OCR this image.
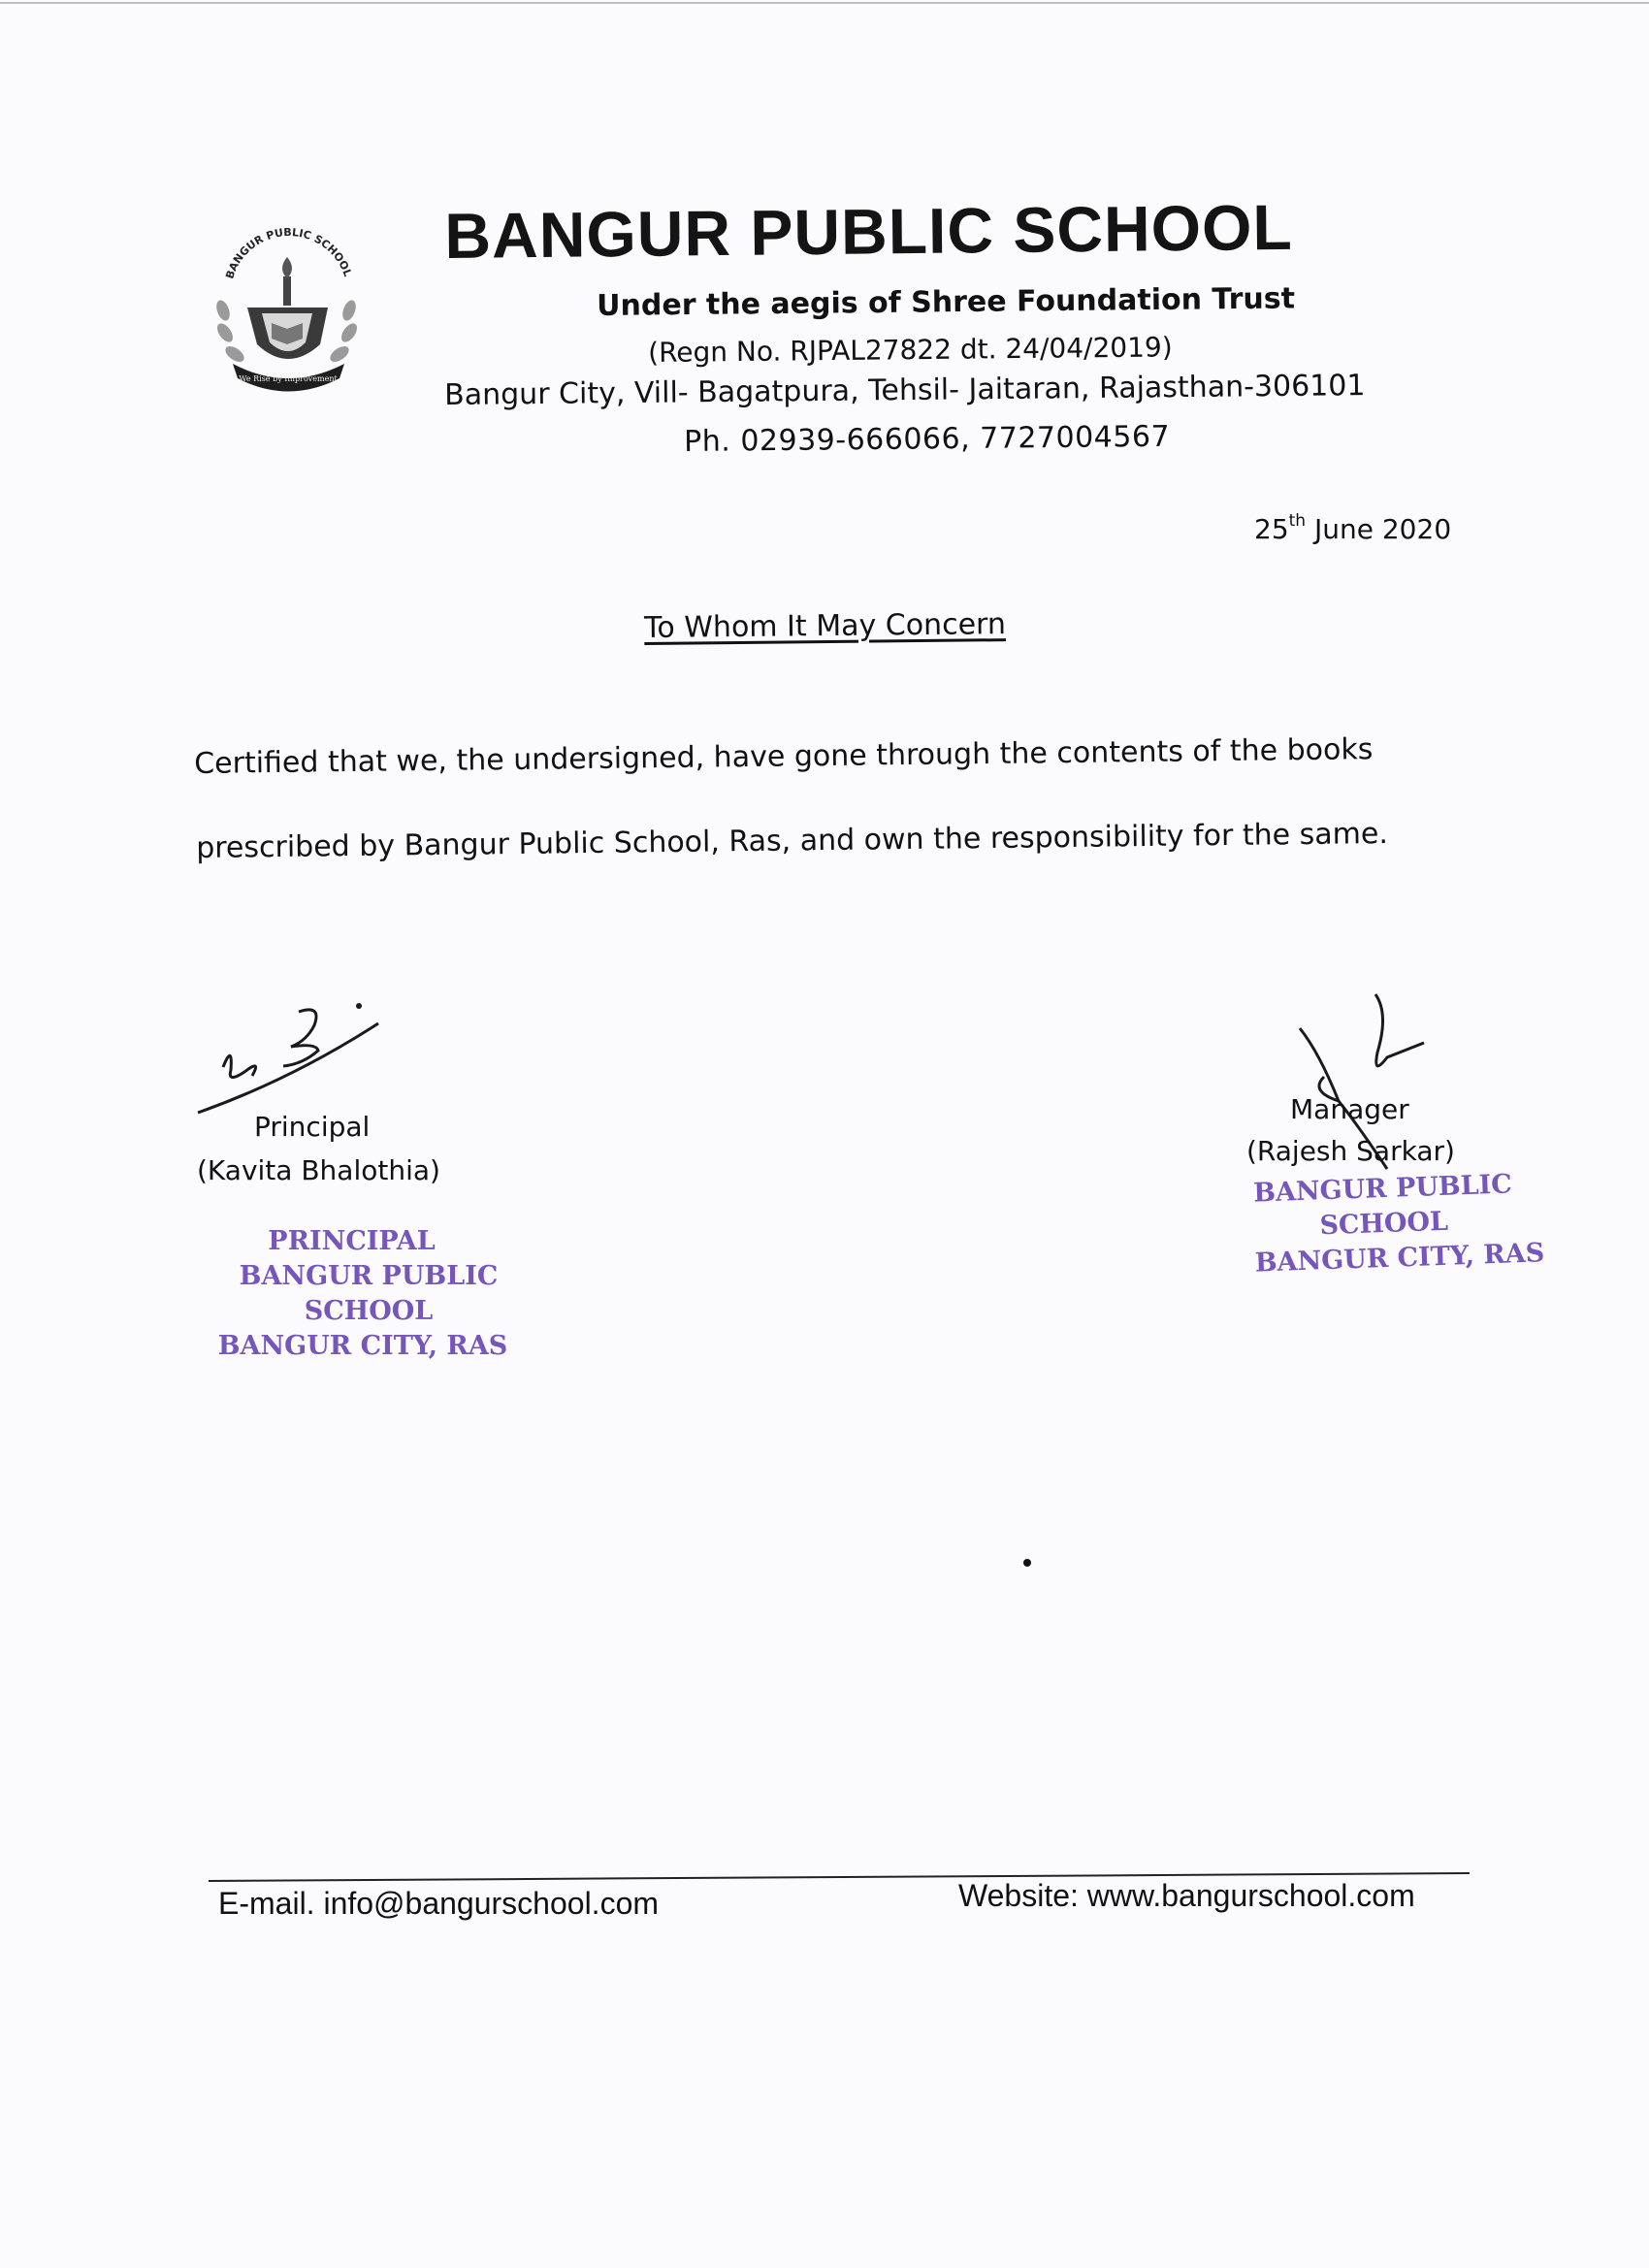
BANGUR PUBLIC SCHOOL
We Rise by Improvement
BANGUR PUBLIC SCHOOL
Under the aegis of Shree Foundation Trust
(Regn No. RJPAL27822 dt. 24/04/2019)
Bangur City, Vill- Bagatpura, Tehsil- Jaitaran, Rajasthan-306101
Ph. 02939-666066, 7727004567
25th June 2020
To Whom It May Concern
Certified that we, the undersigned, have gone through the contents of the books
prescribed by Bangur Public School, Ras, and own the responsibility for the same.
Principal
(Kavita Bhalothia)
PRINCIPAL
BANGUR PUBLIC SCHOOL
BANGUR CITY, RAS
Manager
(Rajesh Sarkar)
BANGUR PUBLIC SCHOOL
BANGUR CITY, RAS
E-mail. info@bangurschool.com	Website: www.bangurschool.com
